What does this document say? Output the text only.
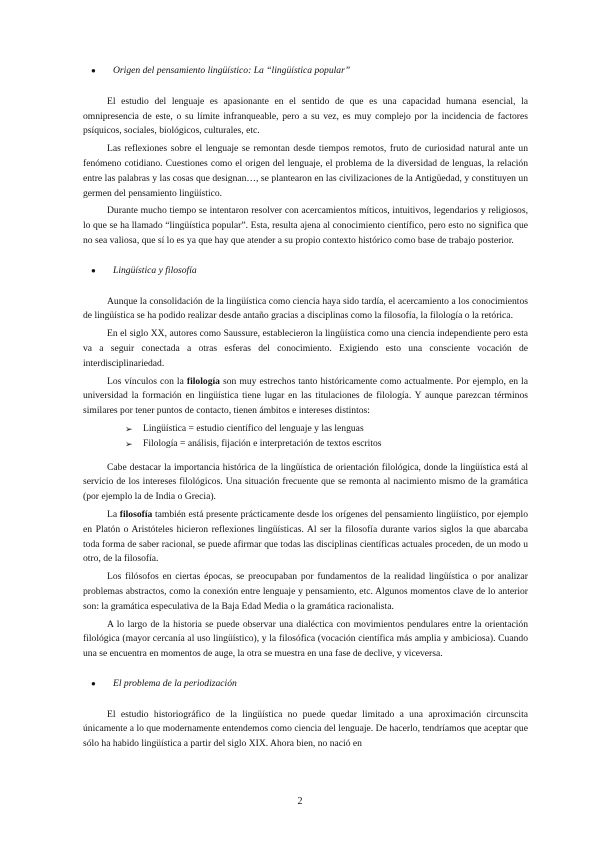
● Origen del pensamiento lingüístico: La “lingüística popular”

El estudio del lenguaje es apasionante en el sentido de que es una capacidad humana esencial, la omnipresencia de este, o su límite infranqueable, pero a su vez, es muy complejo por la incidencia de factores psíquicos, sociales, biológicos, culturales, etc.

Las reflexiones sobre el lenguaje se remontan desde tiempos remotos, fruto de curiosidad natural ante un fenómeno cotidiano. Cuestiones como el origen del lenguaje, el problema de la diversidad de lenguas, la relación entre las palabras y las cosas que designan…, se plantearon en las civilizaciones de la Antigüedad, y constituyen un germen del pensamiento lingüístico.

Durante mucho tiempo se intentaron resolver con acercamientos míticos, intuitivos, legendarios y religiosos, lo que se ha llamado “lingüística popular”. Esta, resulta ajena al conocimiento científico, pero esto no significa que no sea valiosa, que sí lo es ya que hay que atender a su propio contexto histórico como base de trabajo posterior.

● Lingüística y filosofía

Aunque la consolidación de la lingüística como ciencia haya sido tardía, el acercamiento a los conocimientos de lingüística se ha podido realizar desde antaño gracias a disciplinas como la filosofía, la filología o la retórica.

En el siglo XX, autores como Saussure, establecieron la lingüística como una ciencia independiente pero esta va a seguir conectada a otras esferas del conocimiento. Exigiendo esto una consciente vocación de interdisciplinariedad.

Los vínculos con la filología son muy estrechos tanto históricamente como actualmente. Por ejemplo, en la universidad la formación en lingüística tiene lugar en las titulaciones de filología. Y aunque parezcan términos similares por tener puntos de contacto, tienen ámbitos e intereses distintos:

➢ Lingüística = estudio científico del lenguaje y las lenguas
➢ Filología = análisis, fijación e interpretación de textos escritos

Cabe destacar la importancia histórica de la lingüística de orientación filológica, donde la lingüística está al servicio de los intereses filológicos. Una situación frecuente que se remonta al nacimiento mismo de la gramática (por ejemplo la de India o Grecia).

La filosofía también está presente prácticamente desde los orígenes del pensamiento lingüístico, por ejemplo en Platón o Aristóteles hicieron reflexiones lingüísticas. Al ser la filosofía durante varios siglos la que abarcaba toda forma de saber racional, se puede afirmar que todas las disciplinas científicas actuales proceden, de un modo u otro, de la filosofía.

Los filósofos en ciertas épocas, se preocupaban por fundamentos de la realidad lingüística o por analizar problemas abstractos, como la conexión entre lenguaje y pensamiento, etc. Algunos momentos clave de lo anterior son: la gramática especulativa de la Baja Edad Media o la gramática racionalista.

A lo largo de la historia se puede observar una dialéctica con movimientos pendulares entre la orientación filológica (mayor cercanía al uso lingüístico), y la filosófica (vocación científica más amplia y ambiciosa). Cuando una se encuentra en momentos de auge, la otra se muestra en una fase de declive, y viceversa.

● El problema de la periodización

El estudio historiográfico de la lingüística no puede quedar limitado a una aproximación circunscita únicamente a lo que modernamente entendemos como ciencia del lenguaje. De hacerlo, tendríamos que aceptar que sólo ha habido lingüística a partir del siglo XIX. Ahora bien, no nació en

2
